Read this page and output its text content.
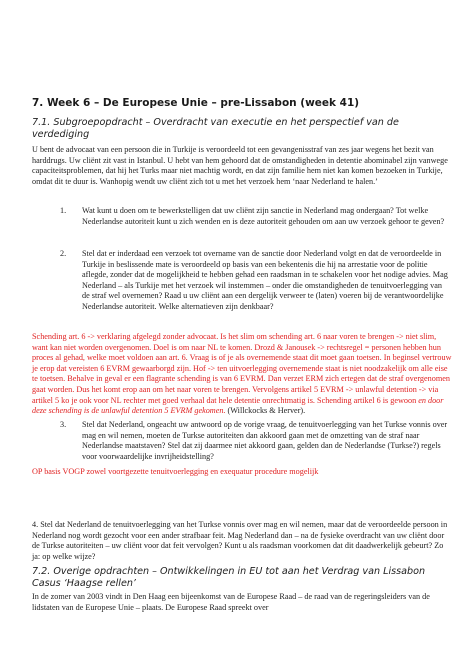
7. Week 6 – De Europese Unie – pre-Lissabon (week 41)
7.1. Subgroepopdracht – Overdracht van executie en het perspectief van de verdediging

U bent de advocaat van een persoon die in Turkije is veroordeeld tot een gevangenisstraf van zes jaar wegens het bezit van harddrugs. Uw cliënt zit vast in Istanbul. U hebt van hem gehoord dat de omstandigheden in detentie abominabel zijn vanwege capaciteitsproblemen, dat hij het Turks maar niet machtig wordt, en dat zijn familie hem niet kan komen bezoeken in Turkije, omdat dit te duur is. Wanhopig wendt uw cliënt zich tot u met het verzoek hem ‘naar Nederland te halen.’

1. Wat kunt u doen om te bewerkstelligen dat uw cliënt zijn sanctie in Nederland mag ondergaan? Tot welke Nederlandse autoriteit kunt u zich wenden en is deze autoriteit gehouden om aan uw verzoek gehoor te geven?

2. Stel dat er inderdaad een verzoek tot overname van de sanctie door Nederland volgt en dat de veroordeelde in Turkije in beslissende mate is veroordeeld op basis van een bekentenis die hij na arrestatie voor de politie aflegde, zonder dat de mogelijkheid te hebben gehad een raadsman in te schakelen voor het nodige advies. Mag Nederland – als Turkije met het verzoek wil instemmen – onder die omstandigheden de tenuitvoerlegging van de straf wel overnemen? Raad u uw cliënt aan een dergelijk verweer te (laten) voeren bij de verantwoordelijke Nederlandse autoriteit. Welke alternatieven zijn denkbaar?

Schending art. 6 -> verklaring afgelegd zonder advocaat. Is het slim om schending art. 6 naar voren te brengen -> niet slim, want kan niet worden overgenomen. Doel is om naar NL te komen. Drozd & Janousek -> rechtsregel = personen hebben hun proces al gehad, welke moet voldoen aan art. 6. Vraag is of je als overnemende staat dit moet gaan toetsen. In beginsel vertrouw je erop dat vereisten 6 EVRM gewaarborgd zijn. Hof -> ten uitvoerlegging overnemende staat is niet noodzakelijk om alle eise te toetsen. Behalve in geval er een flagrante schending is van 6 EVRM. Dan verzet ERM zich ertegen dat de straf overgenomen gaat worden. Dus het komt erop aan om het naar voren te brengen. Vervolgens artikel 5 EVRM -> unlawful detention -> via artikel 5 ko je ook voor NL rechter met goed verhaal dat hele detentie onrechtmatig is. Schending artikel 6 is gewoon en door deze schending is de unlawful detention 5 EVRM gekomen. (Willckocks & Herver).

3. Stel dat Nederland, ongeacht uw antwoord op de vorige vraag, de tenuitvoerlegging van het Turkse vonnis over mag en wil nemen, moeten de Turkse autoriteiten dan akkoord gaan met de omzetting van de straf naar Nederlandse maatstaven? Stel dat zij daarmee niet akkoord gaan, gelden dan de Nederlandse (Turkse?) regels voor voorwaardelijke invrijheidstelling?

OP basis VOGP zowel voortgezette tenuitvoerlegging en exequatur procedure mogelijk

4. Stel dat Nederland de tenuitvoerlegging van het Turkse vonnis over mag en wil nemen, maar dat de veroordeelde persoon in Nederland nog wordt gezocht voor een ander strafbaar feit. Mag Nederland dan – na de fysieke overdracht van uw cliënt door de Turkse autoriteiten – uw cliënt voor dat feit vervolgen? Kunt u als raadsman voorkomen dat dit daadwerkelijk gebeurt? Zo ja: op welke wijze?

7.2. Overige opdrachten – Ontwikkelingen in EU tot aan het Verdrag van Lissabon Casus ‘Haagse rellen’

In de zomer van 2003 vindt in Den Haag een bijeenkomst van de Europese Raad – de raad van de regeringsleiders van de lidstaten van de Europese Unie – plaats. De Europese Raad spreekt over
